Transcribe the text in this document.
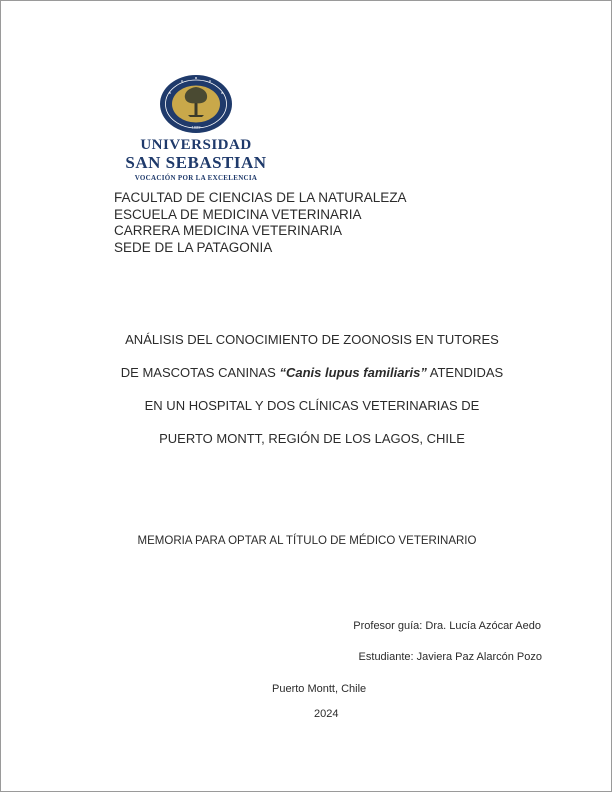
1989
UNIVERSIDAD
SAN SEBASTIAN
VOCACIÓN POR LA EXCELENCIA
FACULTAD DE CIENCIAS DE LA NATURALEZA
ESCUELA DE MEDICINA VETERINARIA
CARRERA MEDICINA VETERINARIA
SEDE DE LA PATAGONIA
ANÁLISIS DEL CONOCIMIENTO DE ZOONOSIS EN TUTORES
DE MASCOTAS CANINAS “Canis lupus familiaris” ATENDIDAS
EN UN HOSPITAL Y DOS CLÍNICAS VETERINARIAS DE
PUERTO MONTT, REGIÓN DE LOS LAGOS, CHILE
MEMORIA PARA OPTAR AL TÍTULO DE MÉDICO VETERINARIO
Profesor guía: Dra. Lucía Azócar Aedo
Estudiante: Javiera Paz Alarcón Pozo
Puerto Montt, Chile
2024
